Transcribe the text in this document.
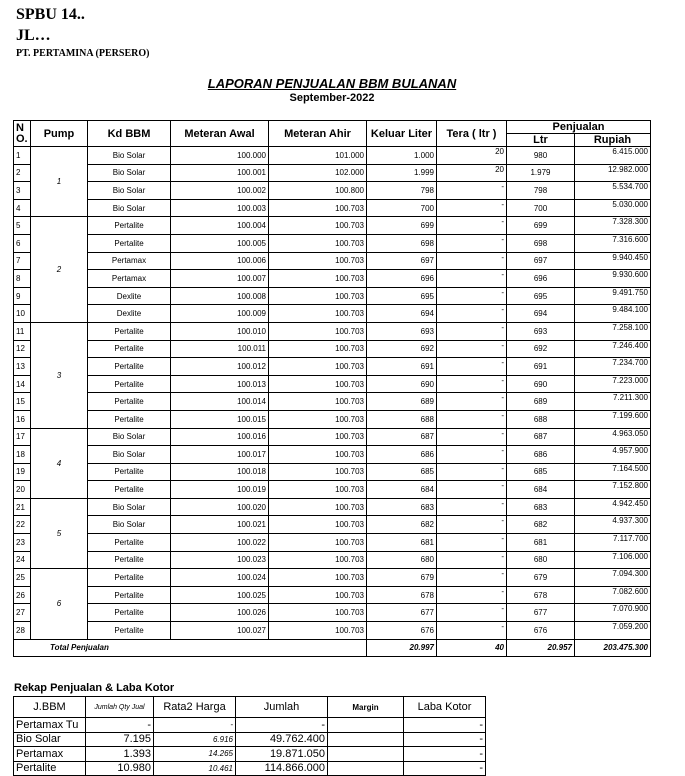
SPBU 14..
JL…
PT. PERTAMINA (PERSERO)
LAPORAN PENJUALAN BBM BULANAN
September-2022
N O.	Pump	Kd BBM	Meteran Awal	Meteran Ahir	Keluar Liter	Tera ( ltr )	Penjualan	
							Ltr	Rupiah
1	1	Bio Solar	100.000	101.000	1.000	20	980	6.415.000
2		Bio Solar	100.001	102.000	1.999	20	1.979	12.982.000
3		Bio Solar	100.002	100.800	798	-	798	5.534.700
4		Bio Solar	100.003	100.703	700	-	700	5.030.000
5	2	Pertalite	100.004	100.703	699	-	699	7.328.300
6		Pertalite	100.005	100.703	698	-	698	7.316.600
7		Pertamax	100.006	100.703	697	-	697	9.940.450
8		Pertamax	100.007	100.703	696	-	696	9.930.600
9		Dexlite	100.008	100.703	695	-	695	9.491.750
10		Dexlite	100.009	100.703	694	-	694	9.484.100
11	3	Pertalite	100.010	100.703	693	-	693	7.258.100
12		Pertalite	100.011	100.703	692	-	692	7.246.400
13		Pertalite	100.012	100.703	691	-	691	7.234.700
14		Pertalite	100.013	100.703	690	-	690	7.223.000
15		Pertalite	100.014	100.703	689	-	689	7.211.300
16		Pertalite	100.015	100.703	688	-	688	7.199.600
17	4	Bio Solar	100.016	100.703	687	-	687	4.963.050
18		Bio Solar	100.017	100.703	686	-	686	4.957.900
19		Pertalite	100.018	100.703	685	-	685	7.164.500
20		Pertalite	100.019	100.703	684	-	684	7.152.800
21	5	Bio Solar	100.020	100.703	683	-	683	4.942.450
22		Bio Solar	100.021	100.703	682	-	682	4.937.300
23		Pertalite	100.022	100.703	681	-	681	7.117.700
24		Pertalite	100.023	100.703	680	-	680	7.106.000
25	6	Pertalite	100.024	100.703	679	-	679	7.094.300
26		Pertalite	100.025	100.703	678	-	678	7.082.600
27		Pertalite	100.026	100.703	677	-	677	7.070.900
28		Pertalite	100.027	100.703	676	-	676	7.059.200
Total Penjualan					20.997	40	20.957	203.475.300
Rekap Penjualan & Laba Kotor
J.BBM	Jumlah Qty Jual	Rata2 Harga	Jumlah	Margin	Laba Kotor
Pertamax Tu	-	-	-		-
Bio Solar	7.195	6.916	49.762.400		-
Pertamax	1.393	14.265	19.871.050		-
Pertalite	10.980	10.461	114.866.000		-
